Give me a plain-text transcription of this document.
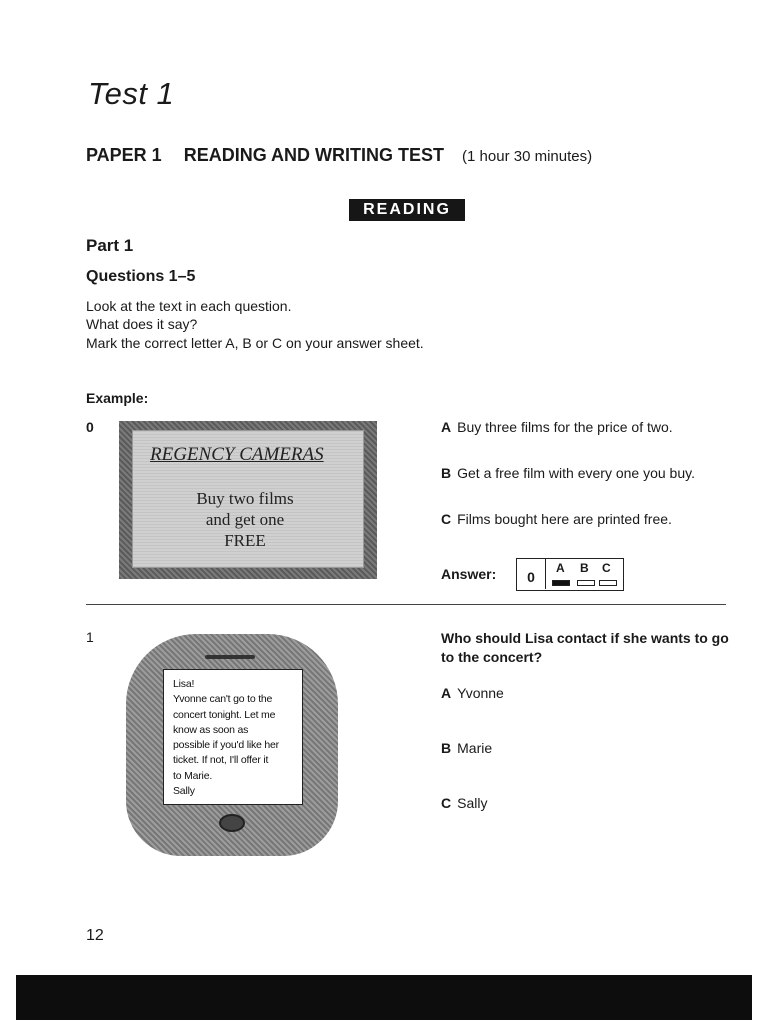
Test 1
PAPER 1 READING AND WRITING TEST (1 hour 30 minutes)
READING
Part 1
Questions 1–5
Look at the text in each question.
What does it say?
Mark the correct letter A, B or C on your answer sheet.
Example:
0
REGENCY CAMERAS
Buy two films
and get one
FREE
A Buy three films for the price of two.
B Get a free film with every one you buy.
C Films bought here are printed free.
Answer:	0
A B C
1
Lisa!
Yvonne can't go to the
concert tonight. Let me
know as soon as
possible if you'd like her
ticket. If not, I'll offer it
to Marie.
Sally
Who should Lisa contact if she wants to go to the concert?
A Yvonne
B Marie
C Sally
12
